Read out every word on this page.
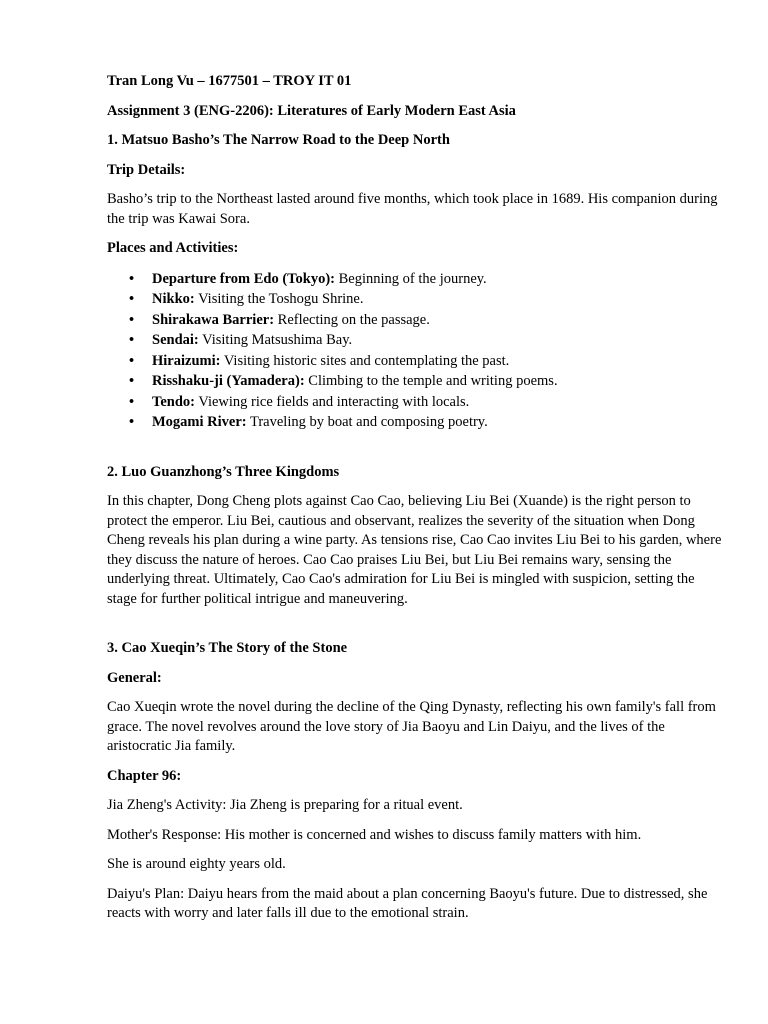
Tran Long Vu – 1677501 – TROY IT 01

Assignment 3 (ENG-2206): Literatures of Early Modern East Asia

1. Matsuo Basho’s The Narrow Road to the Deep North

Trip Details:

Basho’s trip to the Northeast lasted around five months, which took place in 1689. His companion during the trip was Kawai Sora.

Places and Activities:

• Departure from Edo (Tokyo): Beginning of the journey.
• Nikko: Visiting the Toshogu Shrine.
• Shirakawa Barrier: Reflecting on the passage.
• Sendai: Visiting Matsushima Bay.
• Hiraizumi: Visiting historic sites and contemplating the past.
• Risshaku-ji (Yamadera): Climbing to the temple and writing poems.
• Tendo: Viewing rice fields and interacting with locals.
• Mogami River: Traveling by boat and composing poetry.

2. Luo Guanzhong’s Three Kingdoms

In this chapter, Dong Cheng plots against Cao Cao, believing Liu Bei (Xuande) is the right person to protect the emperor. Liu Bei, cautious and observant, realizes the severity of the situation when Dong Cheng reveals his plan during a wine party. As tensions rise, Cao Cao invites Liu Bei to his garden, where they discuss the nature of heroes. Cao Cao praises Liu Bei, but Liu Bei remains wary, sensing the underlying threat. Ultimately, Cao Cao's admiration for Liu Bei is mingled with suspicion, setting the stage for further political intrigue and maneuvering.

3. Cao Xueqin’s The Story of the Stone

General:

Cao Xueqin wrote the novel during the decline of the Qing Dynasty, reflecting his own family's fall from grace. The novel revolves around the love story of Jia Baoyu and Lin Daiyu, and the lives of the aristocratic Jia family.

Chapter 96:

Jia Zheng's Activity: Jia Zheng is preparing for a ritual event.

Mother's Response: His mother is concerned and wishes to discuss family matters with him.

She is around eighty years old.

Daiyu's Plan: Daiyu hears from the maid about a plan concerning Baoyu's future. Due to distressed, she reacts with worry and later falls ill due to the emotional strain.
